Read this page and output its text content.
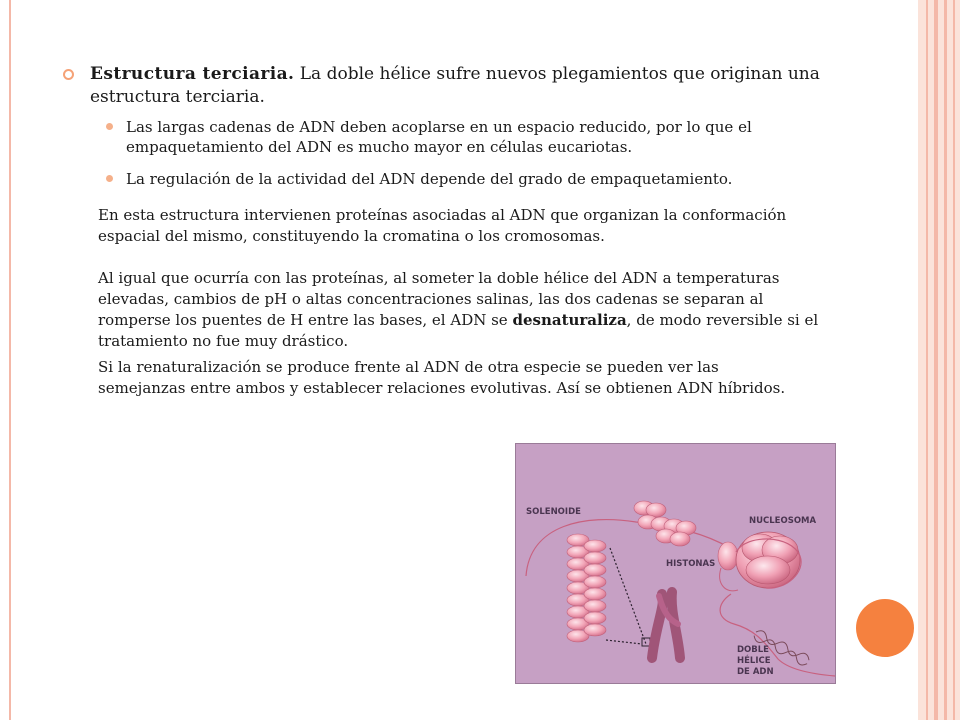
Estructura terciaria. La doble hélice sufre nuevos plegamientos que originan una estructura terciaria.

Las largas cadenas de ADN deben acoplarse en un espacio reducido, por lo que el empaquetamiento del ADN es mucho mayor en células eucariotas.
La regulación de la actividad del ADN depende del grado de empaquetamiento.

En esta estructura intervienen proteínas asociadas al ADN que organizan la conformación espacial del mismo, constituyendo la cromatina o los cromosomas.

Al igual que ocurría con las proteínas, al someter la doble hélice del ADN a temperaturas elevadas, cambios de pH o altas concentraciones salinas, las dos cadenas se separan al romperse los puentes de H entre las bases, el ADN se desnaturaliza, de modo reversible si el tratamiento no fue muy drástico.

Si la renaturalización se produce frente al ADN de otra especie se pueden ver las semejanzas entre ambos y establecer relaciones evolutivas. Así se obtienen ADN híbridos.

SOLENOIDE
NUCLEOSOMA
HISTONAS
DOBLE
HÉLICE
DE ADN
